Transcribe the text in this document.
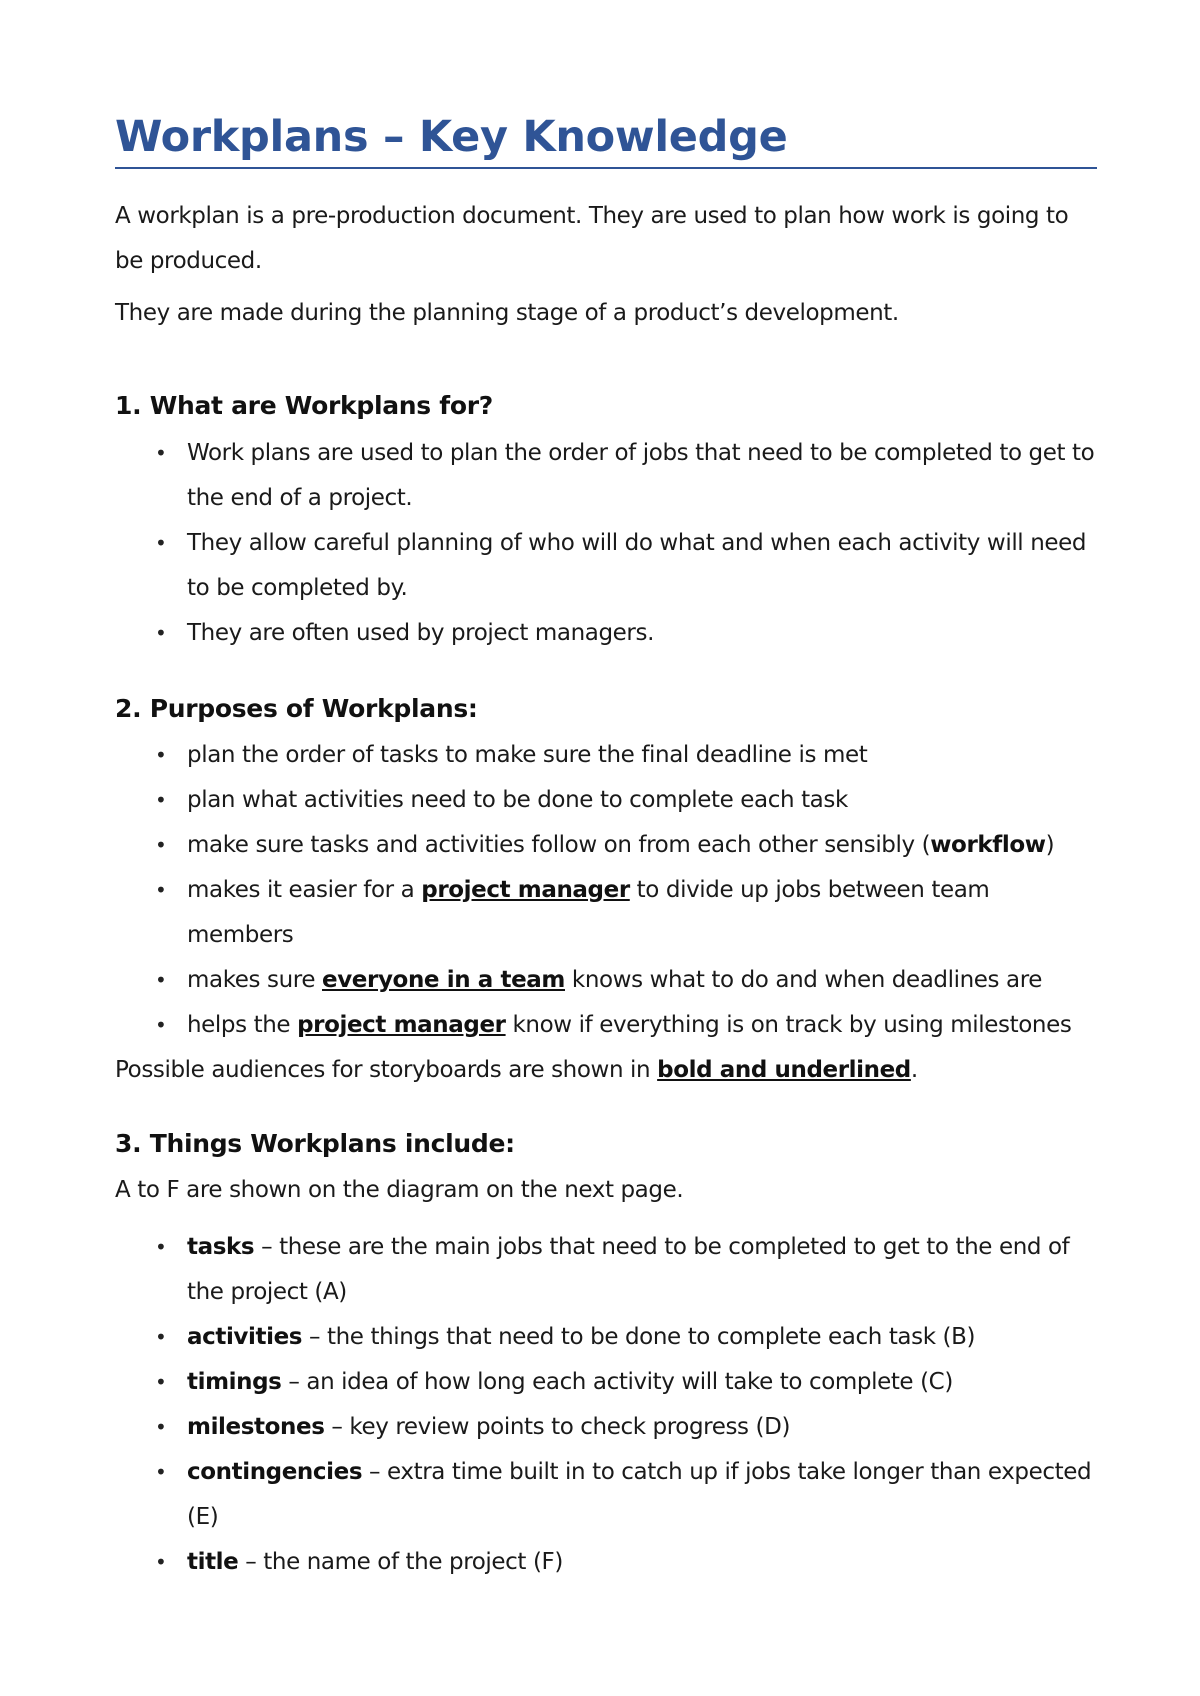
Workplans – Key Knowledge

A workplan is a pre-production document. They are used to plan how work is going to be produced.

They are made during the planning stage of a product’s development.

1. What are Workplans for?
• Work plans are used to plan the order of jobs that need to be completed to get to the end of a project.
• They allow careful planning of who will do what and when each activity will need to be completed by.
• They are often used by project managers.
2. Purposes of Workplans:
• plan the order of tasks to make sure the final deadline is met
• plan what activities need to be done to complete each task
• make sure tasks and activities follow on from each other sensibly (workflow)
• makes it easier for a project manager to divide up jobs between team members
• makes sure everyone in a team knows what to do and when deadlines are
• helps the project manager know if everything is on track by using milestones
Possible audiences for storyboards are shown in bold and underlined.
3. Things Workplans include:
A to F are shown on the diagram on the next page.
• tasks – these are the main jobs that need to be completed to get to the end of the project (A)
• activities – the things that need to be done to complete each task (B)
• timings – an idea of how long each activity will take to complete (C)
• milestones – key review points to check progress (D)
• contingencies – extra time built in to catch up if jobs take longer than expected (E)
• title – the name of the project (F)
